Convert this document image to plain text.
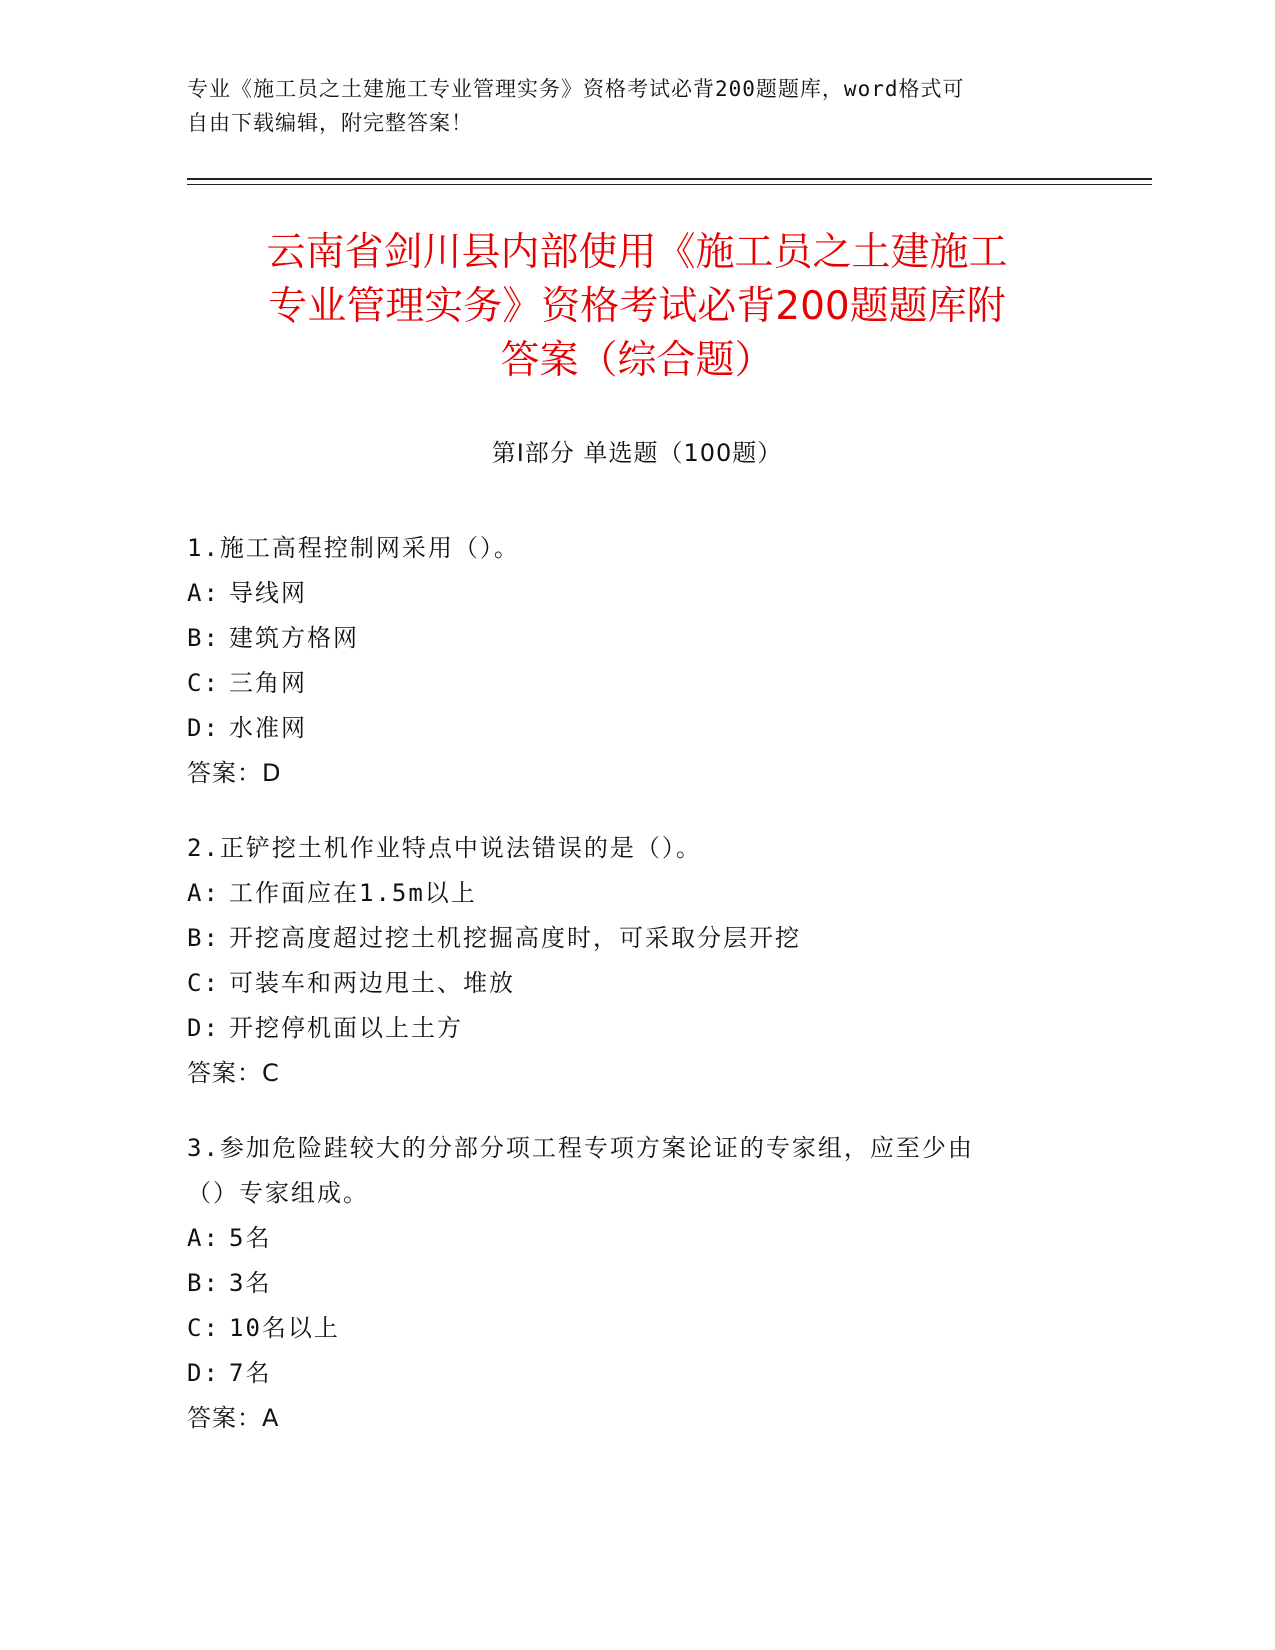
专业《施工员之土建施工专业管理实务》资格考试必背200题题库，word格式可
自由下载编辑，附完整答案！
云南省剑川县内部使用《施工员之土建施工
专业管理实务》资格考试必背200题题库附
答案（综合题）
第Ⅰ部分 单选题（100题）
1.施工高程控制网采用（）。
A: 导线网
B: 建筑方格网
C: 三角网
D: 水准网
答案：D
2.正铲挖土机作业特点中说法错误的是（）。
A: 工作面应在1.5m以上
B: 开挖高度超过挖土机挖掘高度时，可采取分层开挖
C: 可装车和两边甩土、堆放
D: 开挖停机面以上土方
答案：C
3.参加危险跬较大的分部分项工程专项方案论证的专家组，应至少由
（）专家组成。
A: 5名
B: 3名
C: 10名以上
D: 7名
答案：A
